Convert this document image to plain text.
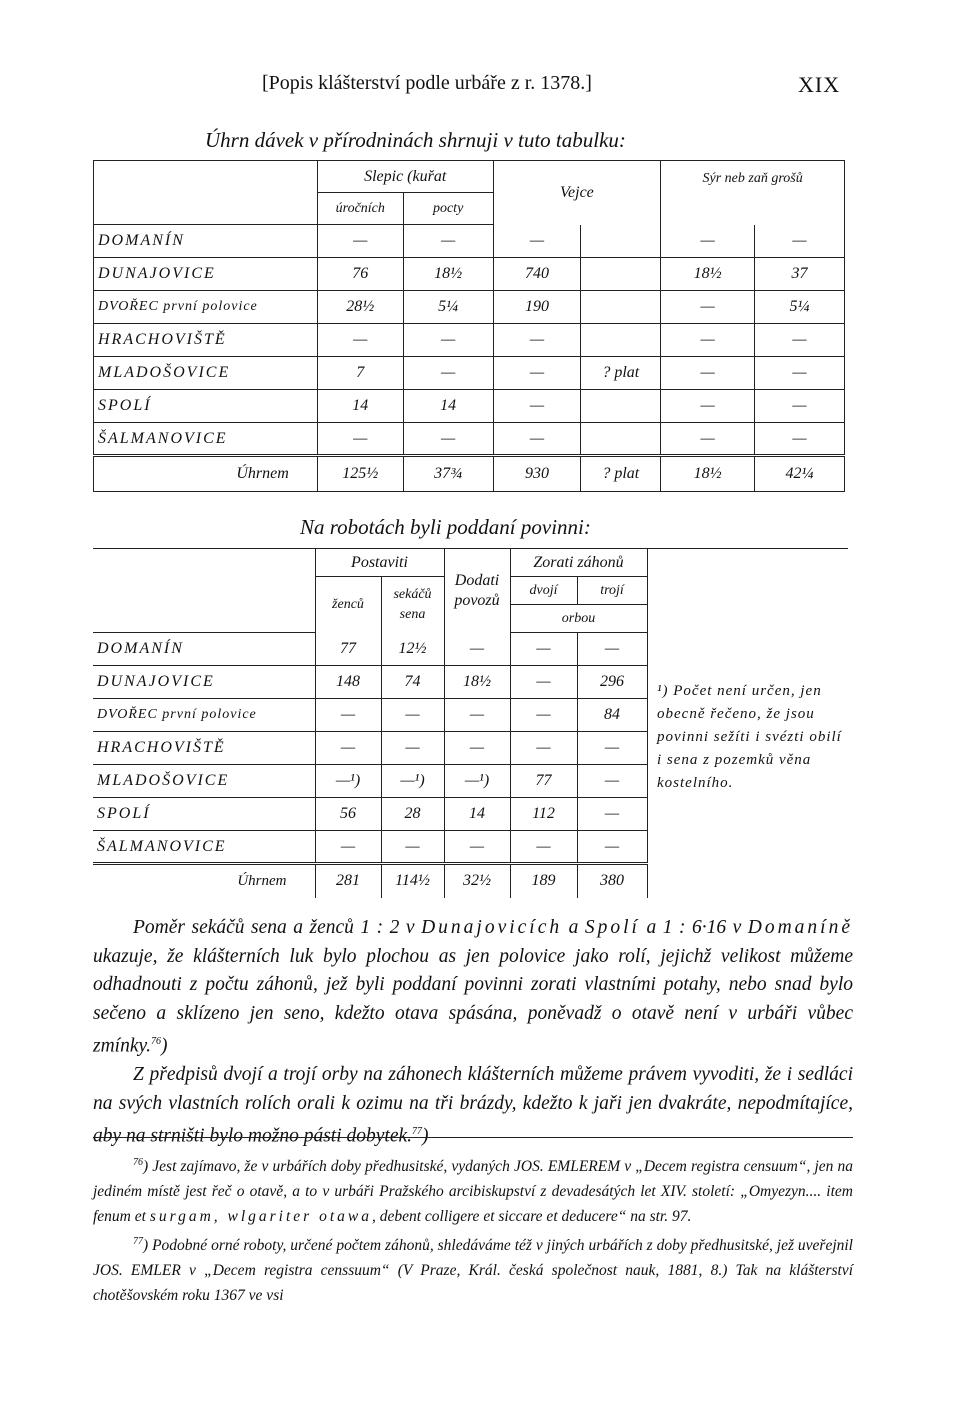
[Popis klášterství podle urbáře z r. 1378.]	XIX
Úhrn dávek v přírodninách shrnuji v tuto tabulku:
	Slepic (kuřat		Vejce		Sýr neb zaň grošů	
	úročních	pocty				
DOMANÍN	—	—	—		—	—
DUNAJOVICE	76	18½	740		18½	37
DVOŘEC první polovice	28½	5¼	190		—	5¼
HRACHOVIŠTĚ	—	—	—		—	—
MLADOŠOVICE	7	—	—	? plat	—	—
SPOLÍ	14	14	—		—	—
ŠALMANOVICE	—	—	—		—	—
Úhrnem	125½	37¾	930	? plat	18½	42¼
Na robotách byli poddaní povinni:
	Postaviti		Dodati povozů	Zorati záhonů		
	ženců	sekáčů sena		dvojí	trojí	
				orbou		
DOMANÍN	77	12½	—	—	—	
DUNAJOVICE	148	74	18½	—	296	
DVOŘEC první polovice	—	—	—	—	84	
HRACHOVIŠTĚ	—	—	—	—	—	
MLADOŠOVICE	—¹)	—¹)	—¹)	77	—	
SPOLÍ	56	28	14	112	—	
ŠALMANOVICE	—	—	—	—	—	
Úhrnem	281	114½	32½	189	380	
¹) Počet není určen, jen obecně řečeno, že jsou povinni sežíti i svézti obilí i sena z pozemků věna kostelního.

Poměr sekáčů sena a ženců 1 : 2 v Dunajovicích a Spolí a 1 : 6·16 v Domaníně ukazuje, že klášterních luk bylo plochou as jen polovice jako rolí, jejichž velikost můžeme odhadnouti z počtu záhonů, jež byli poddaní povinni zorati vlastními potahy, nebo snad bylo sečeno a sklízeno jen seno, kdežto otava spásána, poněvadž o otavě není v urbáři vůbec zmínky.$^{76}$)

Z předpisů dvojí a trojí orby na záhonech klášterních můžeme právem vyvoditi, že i sedláci na svých vlastních rolích orali k ozimu na tři brázdy, kdežto k jaři jen dvakráte, nepodmítajíce, aby na strništi bylo možno pásti dobytek.$^{77}$)

$^{76}$) Jest zajímavo, že v urbářích doby předhusitské, vydaných JOS. EMLEREM v „Decem registra censuum“, jen na jediném místě jest řeč o otavě, a to v urbáři Pražského arcibiskupství z devadesátých let XIV. století: „Omyezyn.... item fenum et surgam, wlgariter otawa, debent colligere et siccare et deducere“ na str. 97.

$^{77}$) Podobné orné roboty, určené počtem záhonů, shledáváme též v jiných urbářích z doby předhusitské, jež uveřejnil JOS. EMLER v „Decem registra censsuum“ (V Praze, Král. česká společnost nauk, 1881, 8.) Tak na klášterství chotěšovském roku 1367 ve vsi
